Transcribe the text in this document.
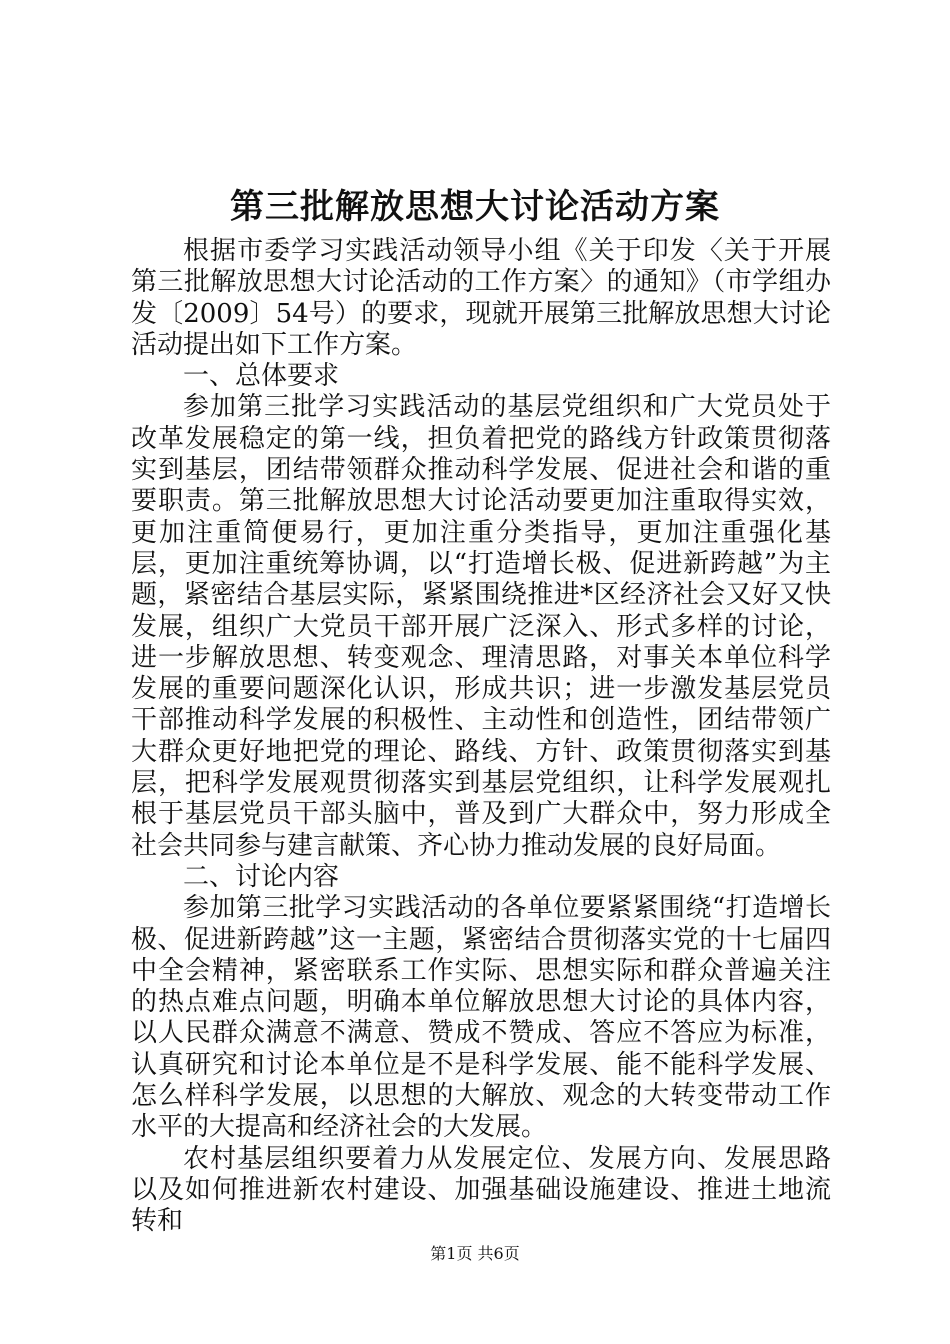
第三批解放思想大讨论活动方案

根据市委学习实践活动领导小组《关于印发〈关于开展第三批解放思想大讨论活动的工作方案〉的通知》（市学组办发〔2009〕54号）的要求，现就开展第三批解放思想大讨论活动提出如下工作方案。

一、总体要求

参加第三批学习实践活动的基层党组织和广大党员处于改革发展稳定的第一线，担负着把党的路线方针政策贯彻落实到基层，团结带领群众推动科学发展、促进社会和谐的重要职责。第三批解放思想大讨论活动要更加注重取得实效，更加注重简便易行，更加注重分类指导，更加注重强化基层，更加注重统筹协调，以“打造增长极、促进新跨越”为主题，紧密结合基层实际，紧紧围绕推进*区经济社会又好又快发展，组织广大党员干部开展广泛深入、形式多样的讨论，进一步解放思想、转变观念、理清思路，对事关本单位科学发展的重要问题深化认识，形成共识；进一步激发基层党员干部推动科学发展的积极性、主动性和创造性，团结带领广大群众更好地把党的理论、路线、方针、政策贯彻落实到基层，把科学发展观贯彻落实到基层党组织，让科学发展观扎根于基层党员干部头脑中，普及到广大群众中，努力形成全社会共同参与建言献策、齐心协力推动发展的良好局面。

二、讨论内容

参加第三批学习实践活动的各单位要紧紧围绕“打造增长极、促进新跨越”这一主题，紧密结合贯彻落实党的十七届四中全会精神，紧密联系工作实际、思想实际和群众普遍关注的热点难点问题，明确本单位解放思想大讨论的具体内容，以人民群众满意不满意、赞成不赞成、答应不答应为标准，认真研究和讨论本单位是不是科学发展、能不能科学发展、怎么样科学发展，以思想的大解放、观念的大转变带动工作水平的大提高和经济社会的大发展。

农村基层组织要着力从发展定位、发展方向、发展思路以及如何推进新农村建设、加强基础设施建设、推进土地流转和

第1页 共6页
